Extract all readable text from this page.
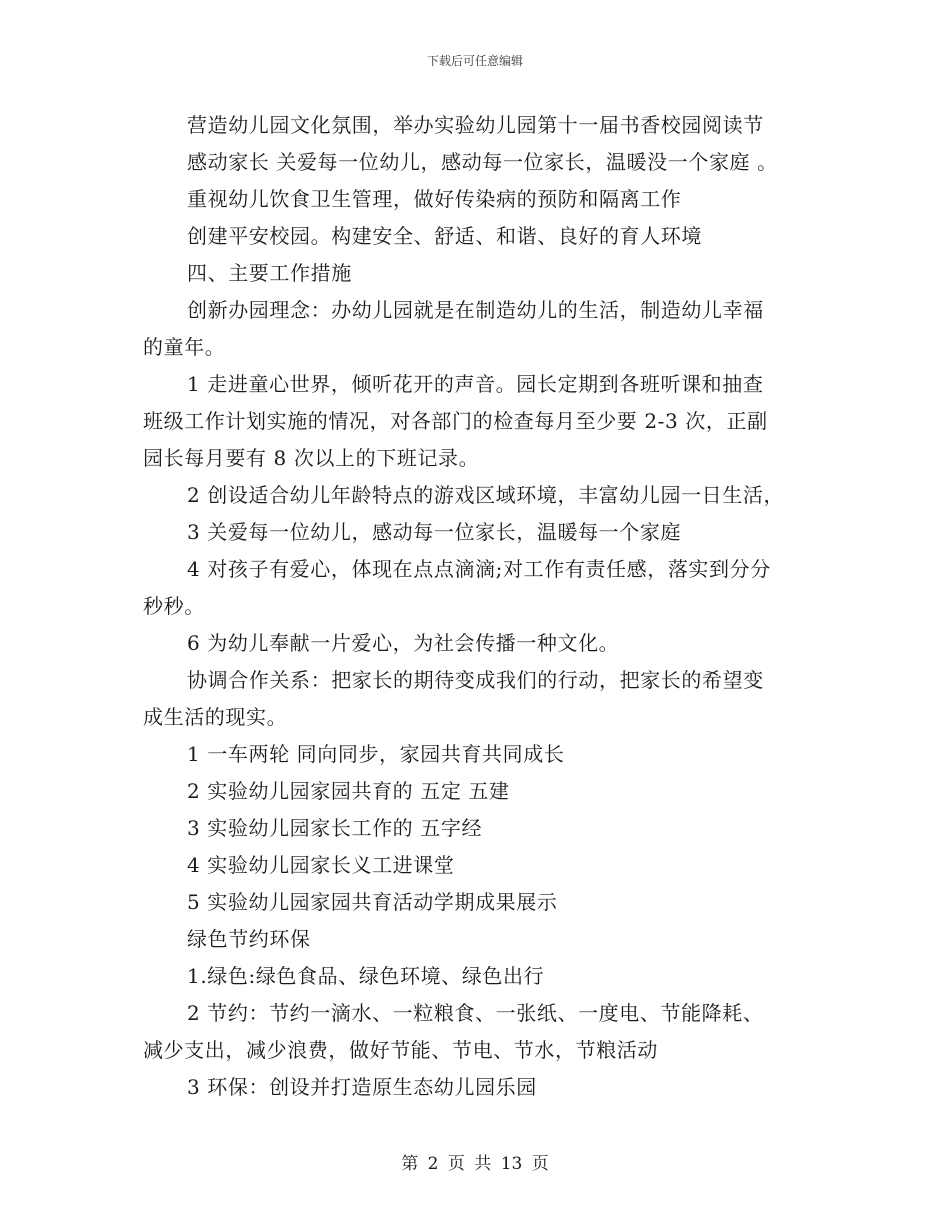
下载后可任意编辑
营造幼儿园文化氛围，举办实验幼儿园第十一届书香校园阅读节
感动家长 关爱每一位幼儿，感动每一位家长，温暖没一个家庭 。
重视幼儿饮食卫生管理，做好传染病的预防和隔离工作
创建平安校园。构建安全、舒适、和谐、良好的育人环境
四、主要工作措施
创新办园理念：办幼儿园就是在制造幼儿的生活，制造幼儿幸福
的童年。
1 走进童心世界，倾听花开的声音。园长定期到各班听课和抽查
班级工作计划实施的情况，对各部门的检查每月至少要 2-3 次，正副
园长每月要有 8 次以上的下班记录。
2 创设适合幼儿年龄特点的游戏区域环境，丰富幼儿园一日生活，
3 关爱每一位幼儿，感动每一位家长，温暖每一个家庭
4 对孩子有爱心，体现在点点滴滴;对工作有责任感，落实到分分
秒秒。
6 为幼儿奉献一片爱心，为社会传播一种文化。
协调合作关系：把家长的期待变成我们的行动，把家长的希望变
成生活的现实。
1 一车两轮 同向同步，家园共育共同成长
2 实验幼儿园家园共育的 五定 五建
3 实验幼儿园家长工作的 五字经
4 实验幼儿园家长义工进课堂
5 实验幼儿园家园共育活动学期成果展示
绿色节约环保
1.绿色:绿色食品、绿色环境、绿色出行
2 节约：节约一滴水、一粒粮食、一张纸、一度电、节能降耗、
减少支出，减少浪费，做好节能、节电、节水，节粮活动
3 环保：创设并打造原生态幼儿园乐园
第 2 页 共 13 页
